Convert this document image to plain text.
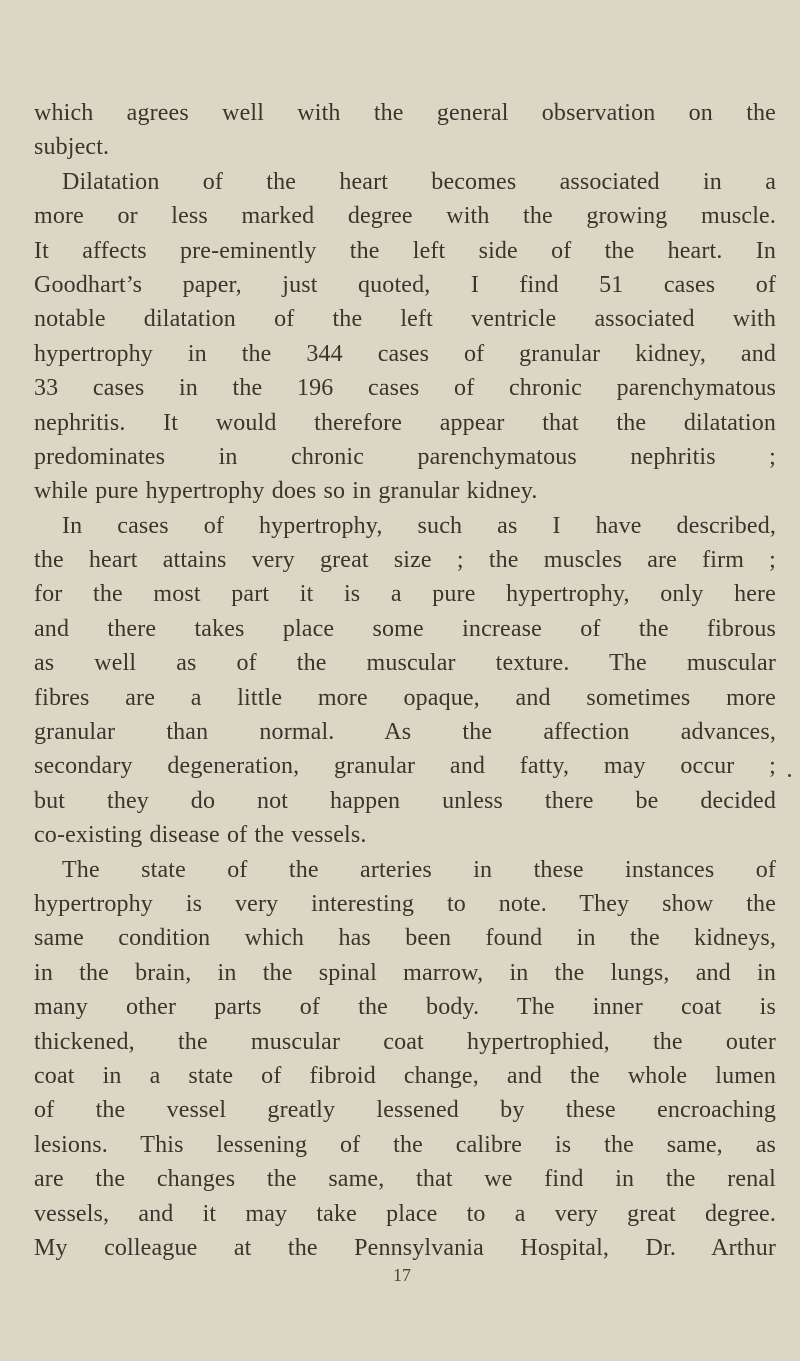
which agrees well with the general observation on the
subject.
Dilatation of the heart becomes associated in a
more or less marked degree with the growing muscle.
It affects pre-eminently the left side of the heart. In
Goodhart’s paper, just quoted, I find 51 cases of
notable dilatation of the left ventricle associated with
hypertrophy in the 344 cases of granular kidney, and
33 cases in the 196 cases of chronic parenchymatous
nephritis. It would therefore appear that the dilatation
predominates in chronic parenchymatous nephritis ;
while pure hypertrophy does so in granular kidney.
In cases of hypertrophy, such as I have described,
the heart attains very great size ; the muscles are firm ;
for the most part it is a pure hypertrophy, only here
and there takes place some increase of the fibrous
as well as of the muscular texture. The muscular
fibres are a little more opaque, and sometimes more
granular than normal. As the affection advances,
secondary degeneration, granular and fatty, may occur ;
but they do not happen unless there be decided
co-existing disease of the vessels.
The state of the arteries in these instances of
hypertrophy is very interesting to note. They show the
same condition which has been found in the kidneys,
in the brain, in the spinal marrow, in the lungs, and in
many other parts of the body. The inner coat is
thickened, the muscular coat hypertrophied, the outer
coat in a state of fibroid change, and the whole lumen
of the vessel greatly lessened by these encroaching
lesions. This lessening of the calibre is the same, as
are the changes the same, that we find in the renal
vessels, and it may take place to a very great degree.
My colleague at the Pennsylvania Hospital, Dr. Arthur
17
